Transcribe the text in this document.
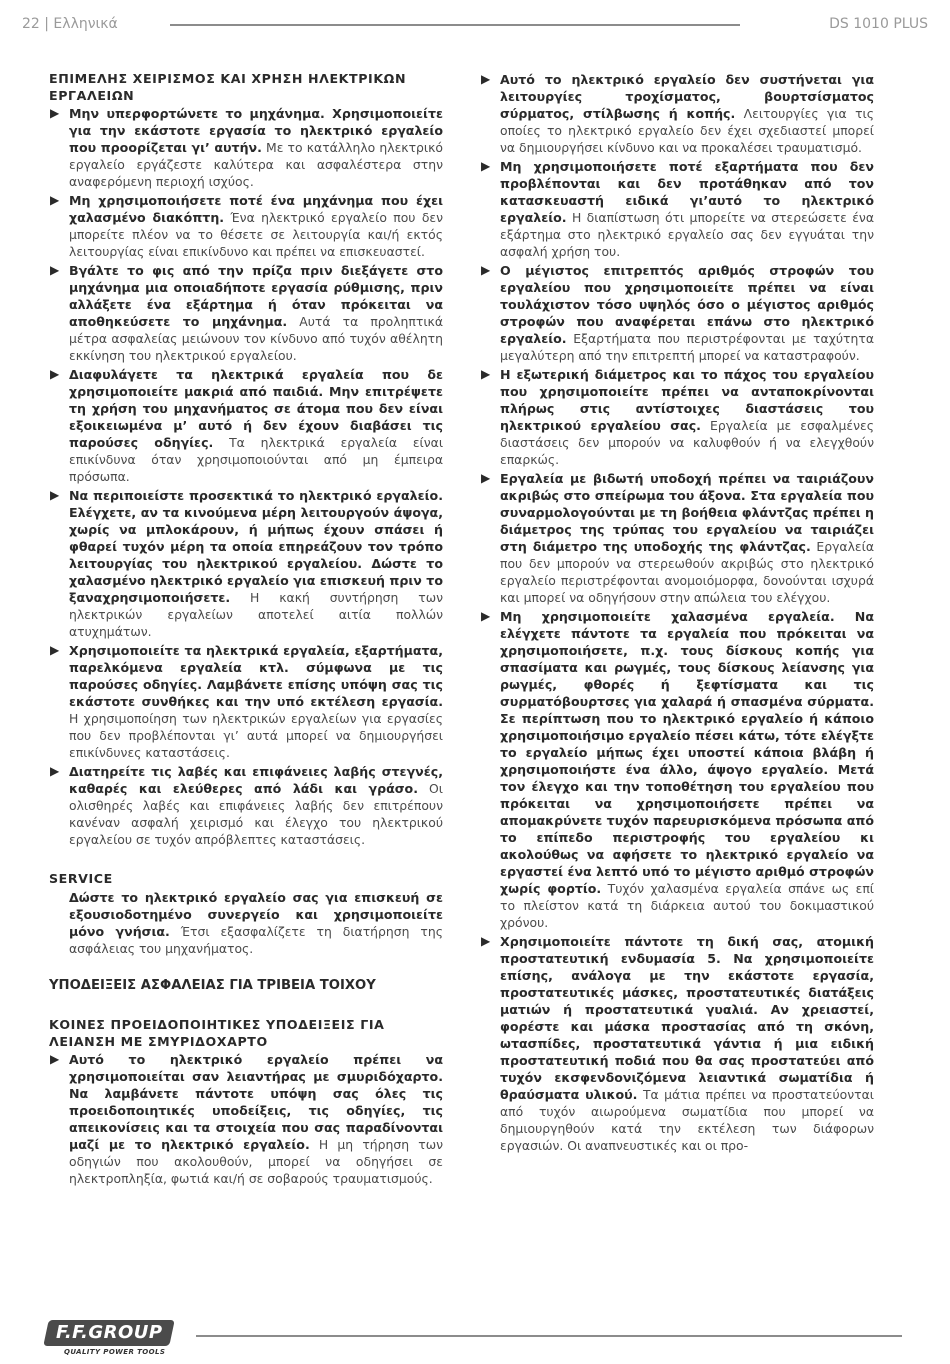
22 | Ελληνικά	DS 1010 PLUS

ΕΠΙΜΕΛΗΣ ΧΕΙΡΙΣΜΟΣ ΚΑΙ ΧΡΗΣΗ ΗΛΕΚΤΡΙΚΩΝ ΕΡΓΑΛΕΙΩΝ

▶ Μην υπερφορτώνετε το μηχάνημα. Χρησιμοποιείτε για την εκάστοτε εργασία το ηλεκτρικό εργαλείο που προορίζεται γι’ αυτήν. Με το κατάλληλο ηλεκτρικό εργαλείο εργάζεστε καλύτερα και ασφαλέστερα στην αναφερόμενη περιοχή ισχύος.
▶ Μη χρησιμοποιήσετε ποτέ ένα μηχάνημα που έχει χαλασμένο διακόπτη. Ένα ηλεκτρικό εργαλείο που δεν μπορείτε πλέον να το θέσετε σε λειτουργία και/ή εκτός λειτουργίας είναι επικίνδυνο και πρέπει να επισκευαστεί.
▶ Βγάλτε το φις από την πρίζα πριν διεξάγετε στο μηχάνημα μια οποιαδήποτε εργασία ρύθμισης, πριν αλλάξετε ένα εξάρτημα ή όταν πρόκειται να αποθηκεύσετε το μηχάνημα. Αυτά τα προληπτικά μέτρα ασφαλείας μειώνουν τον κίνδυνο από τυχόν αθέλητη εκκίνηση του ηλεκτρικού εργαλείου.
▶ Διαφυλάγετε τα ηλεκτρικά εργαλεία που δε χρησιμοποιείτε μακριά από παιδιά. Μην επιτρέψετε τη χρήση του μηχανήματος σε άτομα που δεν είναι εξοικειωμένα μ’ αυτό ή δεν έχουν διαβάσει τις παρούσες οδηγίες. Τα ηλεκτρικά εργαλεία είναι επικίνδυνα όταν χρησιμοποιούνται από μη έμπειρα πρόσωπα.
▶ Να περιποιείστε προσεκτικά το ηλεκτρικό εργαλείο. Ελέγχετε, αν τα κινούμενα μέρη λειτουργούν άψογα, χωρίς να μπλοκάρουν, ή μήπως έχουν σπάσει ή φθαρεί τυχόν μέρη τα οποία επηρεάζουν τον τρόπο λειτουργίας του ηλεκτρικού εργαλείου. Δώστε το χαλασμένο ηλεκτρικό εργαλείο για επισκευή πριν το ξαναχρησιμοποιήσετε. Η κακή συντήρηση των ηλεκτρικών εργαλείων αποτελεί αιτία πολλών ατυχημάτων.
▶ Χρησιμοποιείτε τα ηλεκτρικά εργαλεία, εξαρτήματα, παρελκόμενα εργαλεία κτλ. σύμφωνα με τις παρούσες οδηγίες. Λαμβάνετε επίσης υπόψη σας τις εκάστοτε συνθήκες και την υπό εκτέλεση εργασία. Η χρησιμοποίηση των ηλεκτρικών εργαλείων για εργασίες που δεν προβλέπονται γι’ αυτά μπορεί να δημιουργήσει επικίνδυνες καταστάσεις.
▶ Διατηρείτε τις λαβές και επιφάνειες λαβής στεγνές, καθαρές και ελεύθερες από λάδι και γράσο. Οι ολισθηρές λαβές και επιφάνειες λαβής δεν επιτρέπουν κανέναν ασφαλή χειρισμό και έλεγχο του ηλεκτρικού εργαλείου σε τυχόν απρόβλεπτες καταστάσεις.

SERVICE

Δώστε το ηλεκτρικό εργαλείο σας για επισκευή σε εξουσιοδοτημένο συνεργείο και χρησιμοποιείτε μόνο γνήσια. Έτσι εξασφαλίζετε τη διατήρηση της ασφάλειας του μηχανήματος.

ΥΠΟΔΕΙΞΕΙΣ ΑΣΦΑΛΕΙΑΣ ΓΙΑ ΤΡΙΒΕΙΑ ΤΟΙΧΟΥ

ΚΟΙΝΕΣ ΠΡΟΕΙΔΟΠΟΙΗΤΙΚΕΣ ΥΠΟΔΕΙΞΕΙΣ ΓΙΑ ΛΕΙΑΝΣΗ ΜΕ ΣΜΥΡΙΔΟΧΑΡΤΟ

▶ Αυτό το ηλεκτρικό εργαλείο πρέπει να χρησιμοποιείται σαν λειαντήρας με σμυριδόχαρτο. Να λαμβάνετε πάντοτε υπόψη σας όλες τις προειδοποιητικές υποδείξεις, τις οδηγίες, τις απεικονίσεις και τα στοιχεία που σας παραδίνονται μαζί με το ηλεκτρικό εργαλείο. Η μη τήρηση των οδηγιών που ακολουθούν, μπορεί να οδηγήσει σε ηλεκτροπληξία, φωτιά και/ή σε σοβαρούς τραυματισμούς.
▶ Αυτό το ηλεκτρικό εργαλείο δεν συστήνεται για λειτουργίες τροχίσματος, βουρτσίσματος σύρματος, στίλβωσης ή κοπής. Λειτουργίες για τις οποίες το ηλεκτρικό εργαλείο δεν έχει σχεδιαστεί μπορεί να δημιουργήσει κίνδυνο και να προκαλέσει τραυματισμό.
▶ Μη χρησιμοποιήσετε ποτέ εξαρτήματα που δεν προβλέπονται και δεν προτάθηκαν από τον κατασκευαστή ειδικά γι’αυτό το ηλεκτρικό εργαλείο. Η διαπίστωση ότι μπορείτε να στερεώσετε ένα εξάρτημα στο ηλεκτρικό εργαλείο σας δεν εγγυάται την ασφαλή χρήση του.
▶ Ο μέγιστος επιτρεπτός αριθμός στροφών του εργαλείου που χρησιμοποιείτε πρέπει να είναι τουλάχιστον τόσο υψηλός όσο ο μέγιστος αριθμός στροφών που αναφέρεται επάνω στο ηλεκτρικό εργαλείο. Εξαρτήματα που περιστρέφονται με ταχύτητα μεγαλύτερη από την επιτρεπτή μπορεί να καταστραφούν.
▶ Η εξωτερική διάμετρος και το πάχος του εργαλείου που χρησιμοποιείτε πρέπει να ανταποκρίνονται πλήρως στις αντίστοιχες διαστάσεις του ηλεκτρικού εργαλείου σας. Εργαλεία με εσφαλμένες διαστάσεις δεν μπορούν να καλυφθούν ή να ελεγχθούν επαρκώς.
▶ Εργαλεία με βιδωτή υποδοχή πρέπει να ταιριάζουν ακριβώς στο σπείρωμα του άξονα. Στα εργαλεία που συναρμολογούνται με τη βοήθεια φλάντζας πρέπει η διάμετρος της τρύπας του εργαλείου να ταιριάζει στη διάμετρο της υποδοχής της φλάντζας. Εργαλεία που δεν μπορούν να στερεωθούν ακριβώς στο ηλεκτρικό εργαλείο περιστρέφονται ανομοιόμορφα, δονούνται ισχυρά και μπορεί να οδηγήσουν στην απώλεια του ελέγχου.
▶ Μη χρησιμοποιείτε χαλασμένα εργαλεία. Να ελέγχετε πάντοτε τα εργαλεία που πρόκειται να χρησιμοποιήσετε, π.χ. τους δίσκους κοπής για σπασίματα και ρωγμές, τους δίσκους λείανσης για ρωγμές, φθορές ή ξεφτίσματα και τις συρματόβουρτσες για χαλαρά ή σπασμένα σύρματα. Σε περίπτωση που το ηλεκτρικό εργαλείο ή κάποιο χρησιμοποιήσιμο εργαλείο πέσει κάτω, τότε ελέγξτε το εργαλείο μήπως έχει υποστεί κάποια βλάβη ή χρησιμοποιήστε ένα άλλο, άψογο εργαλείο. Μετά τον έλεγχο και την τοποθέτηση του εργαλείου που πρόκειται να χρησιμοποιήσετε πρέπει να απομακρύνετε τυχόν παρευρισκόμενα πρόσωπα από το επίπεδο περιστροφής του εργαλείου κι ακολούθως να αφήσετε το ηλεκτρικό εργαλείο να εργαστεί ένα λεπτό υπό το μέγιστο αριθμό στροφών χωρίς φορτίο. Τυχόν χαλασμένα εργαλεία σπάνε ως επί το πλείστον κατά τη διάρκεια αυτού του δοκιμαστικού χρόνου.
▶ Χρησιμοποιείτε πάντοτε τη δική σας, ατομική προστατευτική ενδυμασία 5. Να χρησιμοποιείτε επίσης, ανάλογα με την εκάστοτε εργασία, προστατευτικές μάσκες, προστατευτικές διατάξεις ματιών ή προστατευτικά γυαλιά. Αν χρειαστεί, φορέστε και μάσκα προστασίας από τη σκόνη, ωτασπίδες, προστατευτικά γάντια ή μια ειδική προστατευτική ποδιά που θα σας προστατεύει από τυχόν εκσφενδονιζόμενα λειαντικά σωματίδια ή θραύσματα υλικού. Τα μάτια πρέπει να προστατεύονται από τυχόν αιωρούμενα σωματίδια που μπορεί να δημιουργηθούν κατά την εκτέλεση των διάφορων εργασιών. Οι αναπνευστικές και οι προ-
F.F.GROUP
QUALITY POWER TOOLS
